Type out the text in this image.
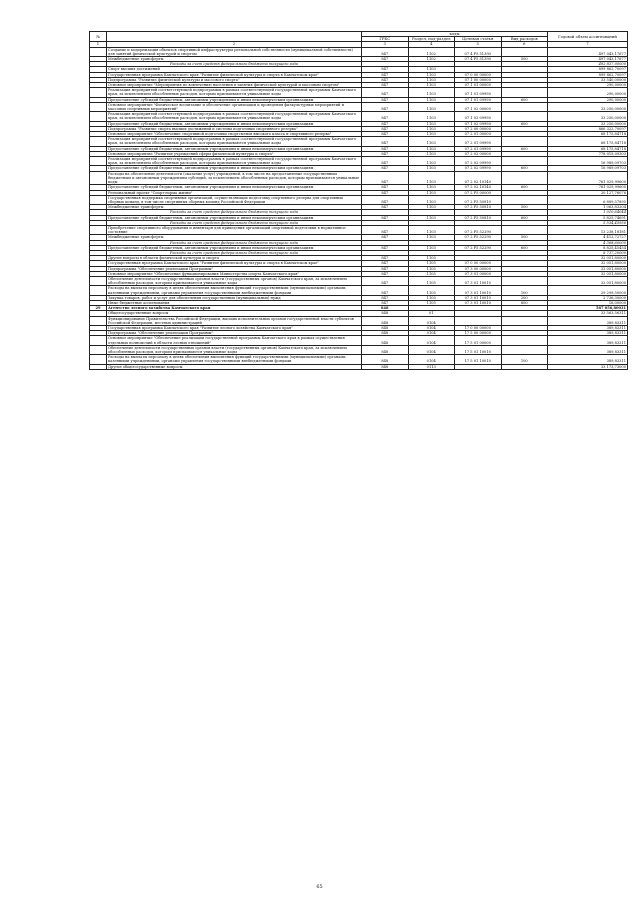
№		коды				Годовой объем ассигнований
		ГРБС	Раздел, под-раздел	Целевая статья	Вид расходов	
1	2	3	4	5	6	7
	Создание и модернизация объектов спортивной инфраструктуры региональной собственности (муниципальной собственности) для занятий физической культурой и спортом	847	1102	07 4 P5 51390		497 043,17677
	Межбюджетные трансферты	847	1102	07 4 P5 51390	500	497 043,17677
	Расходы за счет средств федерального бюджета текущего года					492 837,00000
	Спорт высших достижений	847	1103			899 862,70097
	Государственная программа Камчатского края "Развитие физической культуры и спорта в Камчатском крае"	847	1103	07 0 00 00000		899 862,70097
	Подпрограмма "Развитие физической культуры и массового спорта"	847	1103	07 1 00 00000		33 540,00000
	Основное мероприятие "Мероприятия по вовлечению населения в занятия физической культурой и массовым спортом"	847	1103	07 1 01 00000		290,00000
	Реализация мероприятий соответствующей подпрограммы в рамках соответствующей государственной программы Камчатского края, за исключением обособленных расходов, которым присваиваются уникальные коды	847	1103	07 1 01 09990		290,00000
	Предоставление субсидий бюджетным, автономным учреждениям и иным некоммерческим организациям	847	1103	07 1 01 09990	600	290,00000
	Основное мероприятие "Физическое воспитание и обеспечение организации и проведения физкультурных мероприятий и массовых спортивных мероприятий"	847	1103	07 1 02 00000		33 250,00000
	Реализация мероприятий соответствующей подпрограммы в рамках соответствующей государственной программы Камчатского края, за исключением обособленных расходов, которым присваиваются уникальные коды	847	1103	07 1 02 09990		33 250,00000
	Предоставление субсидий бюджетным, автономным учреждениям и иным некоммерческим организациям	847	1103	07 1 02 09990	600	33 250,00000
	Подпрограмма "Развитие спорта высших достижений и системы подготовки спортивного резерва"	847	1103	07 2 00 00000		866 322,70097
	Основное мероприятие "Обеспечение спортивной подготовки спортсменов высокого класса и спортивного резерва"	847	1103	07 2 01 00000		68 175,84718
	Реализация мероприятий соответствующей подпрограммы в рамках соответствующей государственной программы Камчатского края, за исключением обособленных расходов, которым присваиваются уникальные коды	847	1103	07 2 01 09990		68 175,84718
	Предоставление субсидий бюджетным, автономным учреждениям и иным некоммерческим организациям	847	1103	07 2 01 09990	600	68 175,84718
	Основное мероприятие "Развитие учреждений сферы физической культуры и спорта"	847	1103	07 2 02 00000		778 019,09303
	Реализация мероприятий соответствующей подпрограммы в рамках соответствующей государственной программы Камчатского края, за исключением обособленных расходов, которым присваиваются уникальные коды	847	1103	07 2 02 09990		16 989,09703
	Предоставление субсидий бюджетным, автономным учреждениям и иным некоммерческим организациям	847	1103	07 2 02 09990	600	16 989,09703
	Расходы на обеспечение деятельности (оказание услуг) учреждений, в том числе на предоставление государственным бюджетным и автономным учреждениям субсидий, за исключением обособленных расходов, которым присваиваются уникальные коды	847	1103	07 2 02 10140		761 029,99600
	Предоставление субсидий бюджетным, автономным учреждениям и иным некоммерческим организациям	847	1103	07 2 02 10140	600	761 029,99600
	Региональный проект "Спорт-норма жизни"	847	1103	07 2 P5 00000		20 127,76076
	Государственная поддержка спортивных организаций, осуществляющих подготовку спортивного резерва для спортивных сборных команд, в том числе спортивных сборных команд Российской Федерации	847	1103	07 2 P5 50810		6 889,57895
	Межбюджетные трансферты	847	1103	07 2 P5 50810	500	1 063,83204
	Расходы за счет средств федерального бюджета текущего года					1 010,64044
	Предоставление субсидий бюджетным, автономным учреждениям и иным некоммерческим организациям	847	1103	07 2 P5 50810	600	5 825,74691
	Расходы за счет средств федерального бюджета текущего года					5 534,45956
	Приобретение спортивного оборудования и инвентаря для приведения организаций спортивной подготовки в нормативное состояние	847	1103	07 2 P5 52290		13 238,18181
	Межбюджетные трансферты	847	1103	07 2 P5 52290	500	4 412,72727
	Расходы за счет средств федерального бюджета текущего года					4 368,60000
	Предоставление субсидий бюджетным, автономным учреждениям и иным некоммерческим организациям	847	1103	07 2 P5 52290	600	8 825,45454
	Расходы за счет средств федерального бюджета текущего года					8 737,20000
	Другие вопросы в области физической культуры и спорта	847	1105			32 051,80000
	Государственная программа Камчатского края "Развитие физической культуры и спорта в Камчатском крае"	847	1105	07 0 00 00000		32 051,80000
	Подпрограмма "Обеспечение реализации Программы"	847	1105	07 3 00 00000		32 051,80000
	Основное мероприятие "Обеспечение функционирования Министерства спорта Камчатского края"	847	1105	07 3 01 00000		32 051,80000
	Обеспечение деятельности государственных органов власти (государственных органов) Камчатского края, за исключением обособленных расходов, которым присваиваются уникальные коды	847	1105	07 3 01 10010		32 051,80000
	Расходы на выплаты персоналу в целях обеспечения выполнения функций государственными (муниципальными) органами, казенными учреждениями, органами управления государственными внебюджетными фондами	847	1105	07 3 01 10010	100	29 299,50000
	Закупка товаров, работ и услуг для обеспечения государственных (муниципальных) нужд	847	1105	07 3 01 10010	200	2 736,30000
	Иные бюджетные ассигнования	847	1105	07 3 01 10010	800	16,00000
29	Агентство лесного хозяйства Камчатского края	848				587 056,80031
	Общегосударственные вопросы	848	01			33 563,56311
	Функционирование Правительства Российской Федерации, высших исполнительных органов государственной власти субъектов Российской Федерации, местных администраций	848	0104			389,83311
	Государственная программа Камчатского края "Развитие лесного хозяйства Камчатского края"	848	0104	17 0 00 00000		389,83311
	Подпрограмма "Обеспечение реализации Программы"	848	0104	17 5 00 00000		389,83311
	Основное мероприятие "Обеспечение реализации государственной программы Камчатского края в рамках осуществления отдельных полномочий в области лесных отношений"	848	0104	17 5 01 00000		389,83311
	Обеспечение деятельности государственных органов власти (государственных органов) Камчатского края, за исключением обособленных расходов, которым присваиваются уникальные коды	848	0104	17 5 01 10010		389,83311
	Расходы на выплаты персоналу в целях обеспечения выполнения функций государственными (муниципальными) органами, казенными учреждениями, органами управления государственными внебюджетными фондами	848	0104	17 5 01 10010	100	389,83311
	Другие общегосударственные вопросы	848	0113			33 173,73000
65
